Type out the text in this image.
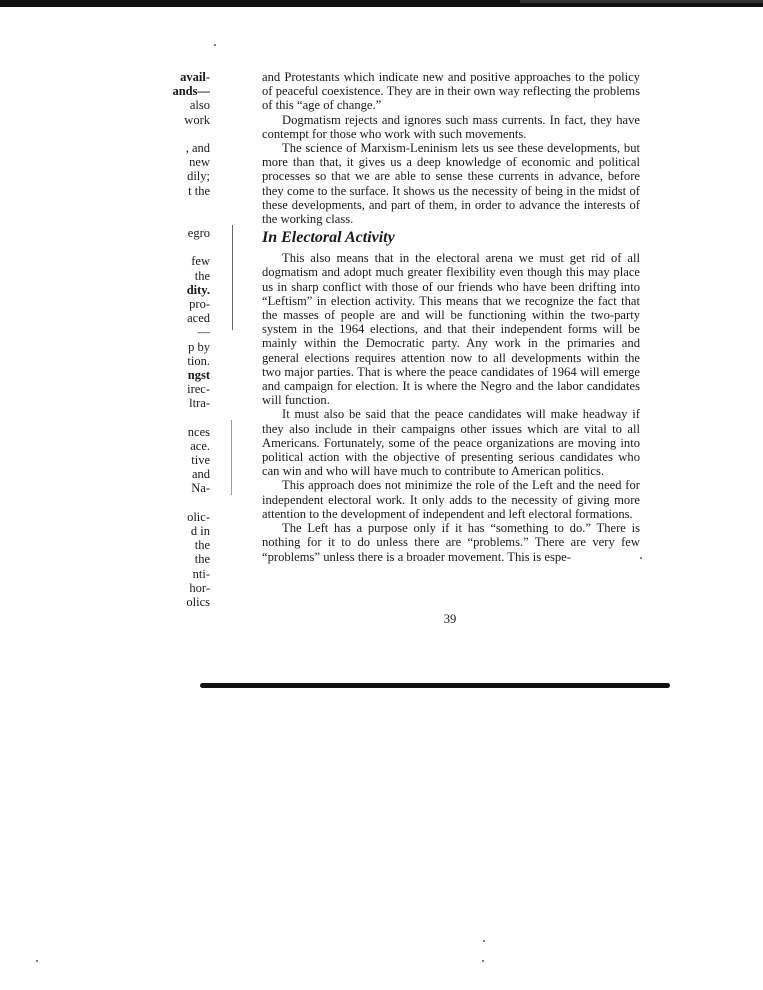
avail-
ands—
also
work
, and
new
dily;
t the
egro
few
the
dity.
pro-
aced
—
p by
tion.
ngst
irec-
ltra-
nces
ace.
tive
and
Na-
olic-
d in
the
the
nti-
hor-
olics

and Protestants which indicate new and positive approaches to the policy of peaceful coexistence. They are in their own way reflecting the problems of this “age of change.”

Dogmatism rejects and ignores such mass currents. In fact, they have contempt for those who work with such movements.

The science of Marxism-Leninism lets us see these developments, but more than that, it gives us a deep knowledge of economic and political processes so that we are able to sense these currents in advance, before they come to the surface. It shows us the necessity of being in the midst of these developments, and part of them, in order to advance the interests of the working class.

In Electoral Activity

This also means that in the electoral arena we must get rid of all dogmatism and adopt much greater flexibility even though this may place us in sharp conflict with those of our friends who have been drifting into “Leftism” in election activity. This means that we recognize the fact that the masses of people are and will be functioning within the two-party system in the 1964 elections, and that their independent forms will be mainly within the Democratic party. Any work in the primaries and general elections requires attention now to all developments within the two major parties. That is where the peace candidates of 1964 will emerge and campaign for election. It is where the Negro and the labor candidates will function.

It must also be said that the peace candidates will make headway if they also include in their campaigns other issues which are vital to all Americans. Fortunately, some of the peace organizations are moving into political action with the objective of presenting serious candidates who can win and who will have much to contribute to American politics.

This approach does not minimize the role of the Left and the need for independent electoral work. It only adds to the necessity of giving more attention to the development of independent and left electoral formations.

The Left has a purpose only if it has “something to do.” There is nothing for it to do unless there are “problems.” There are very few “problems” unless there is a broader movement. This is espe-

39
